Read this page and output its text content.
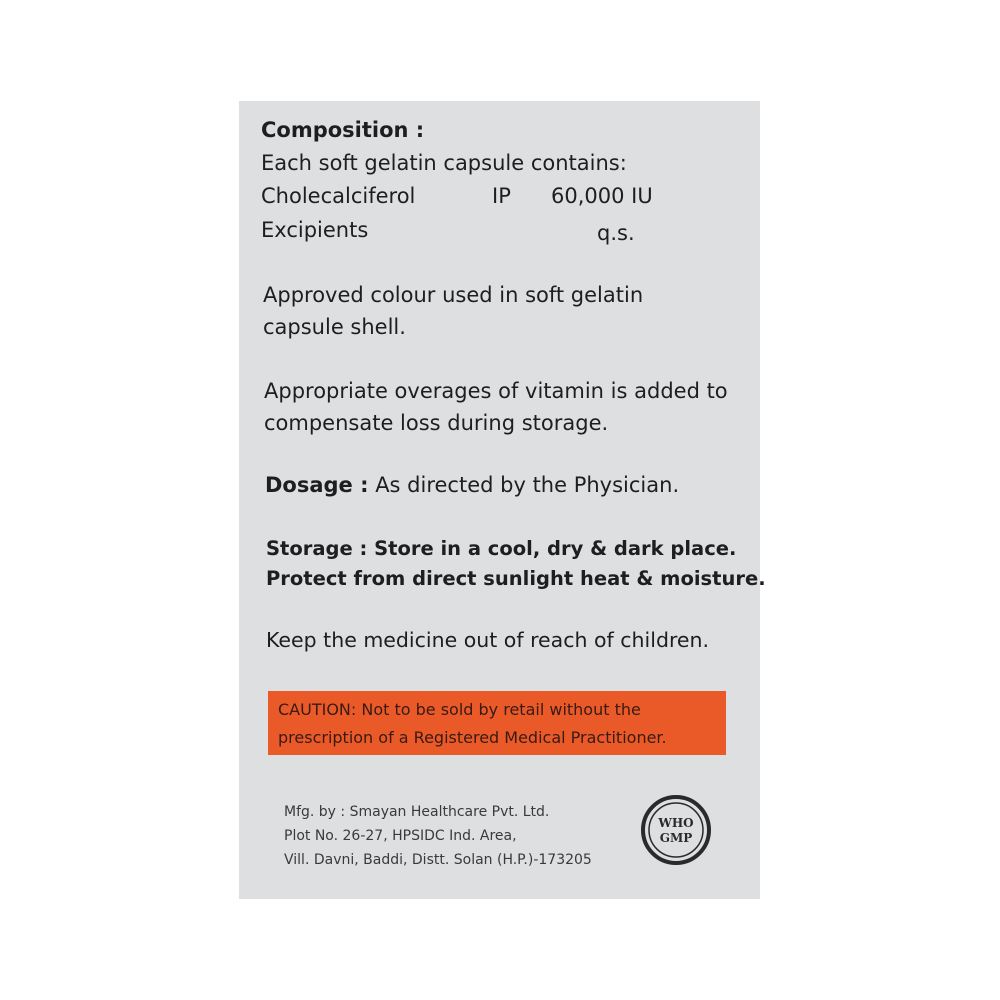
Composition :
Each soft gelatin capsule contains:
Cholecalciferol	IP 60,000 IU
Excipients	q.s.
Approved colour used in soft gelatin
capsule shell.
Appropriate overages of vitamin is added to
compensate loss during storage.
Dosage : As directed by the Physician.
Storage : Store in a cool, dry & dark place.
Protect from direct sunlight heat & moisture.
Keep the medicine out of reach of children.
CAUTION: Not to be sold by retail without the
prescription of a Registered Medical Practitioner.
Mfg. by : Smayan Healthcare Pvt. Ltd.
Plot No. 26-27, HPSIDC Ind. Area,
Vill. Davni, Baddi, Distt. Solan (H.P.)-173205
WHO
GMP
